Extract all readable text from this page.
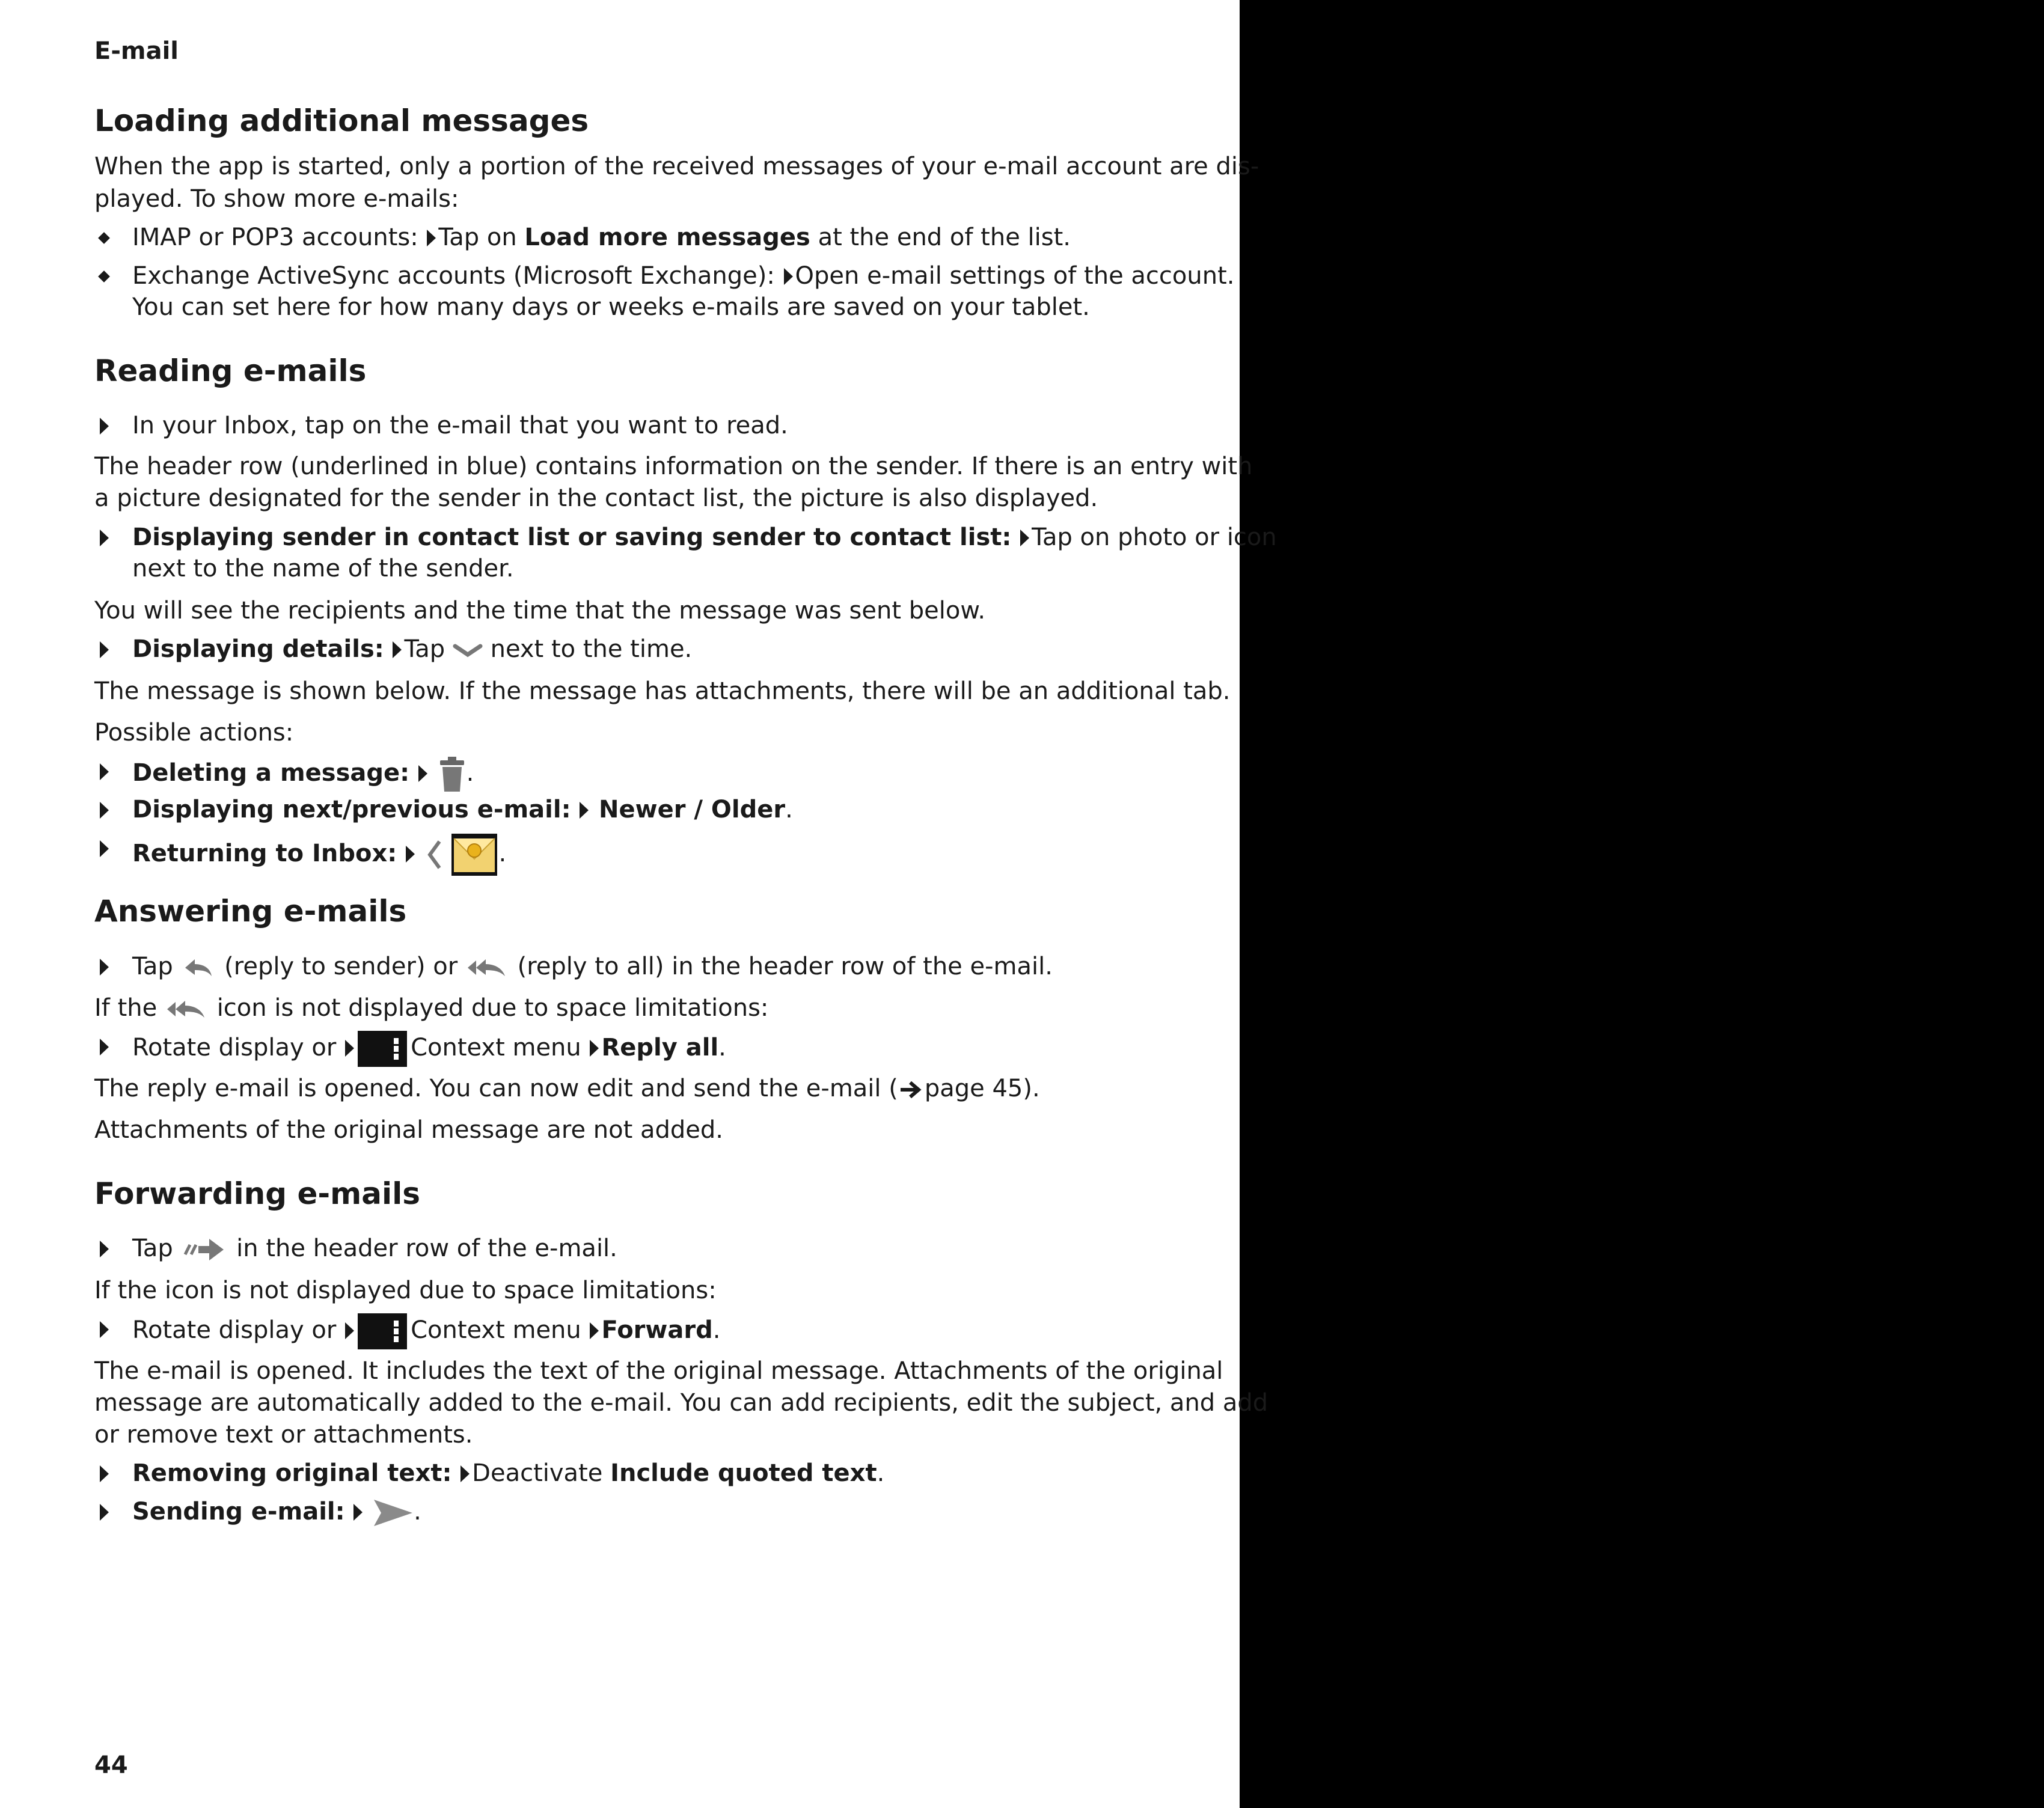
E-mail
Loading additional messages
When the app is started, only a portion of the received messages of your e-mail account are dis-
played. To show more e-mails:
IMAP or POP3 accounts: Tap on Load more messages at the end of the list.
Exchange ActiveSync accounts (Microsoft Exchange): Open e-mail settings of the account.
You can set here for how many days or weeks e-mails are saved on your tablet.
Reading e-mails
In your Inbox, tap on the e-mail that you want to read.
The header row (underlined in blue) contains information on the sender. If there is an entry with
a picture designated for the sender in the contact list, the picture is also displayed.
Displaying sender in contact list or saving sender to contact list: Tap on photo or icon
next to the name of the sender.
You will see the recipients and the time that the message was sent below.
Displaying details: Tap next to the time.
The message is shown below. If the message has attachments, there will be an additional tab.
Possible actions:
Deleting a message: .
Displaying next/previous e-mail: Newer / Older.
Returning to Inbox:	.
Answering e-mails
Tap (reply to sender) or (reply to all) in the header row of the e-mail.
If the icon is not displayed due to space limitations:
Rotate display or	Context menu Reply all.
The reply e-mail is opened. You can now edit and send the e-mail ( page 45).
Attachments of the original message are not added.
Forwarding e-mails
Tap	in the header row of the e-mail.
If the icon is not displayed due to space limitations:
Rotate display or	Context menu Forward.
The e-mail is opened. It includes the text of the original message. Attachments of the original
message are automatically added to the e-mail. You can add recipients, edit the subject, and add
or remove text or attachments.
Removing original text: Deactivate Include quoted text.
Sending e-mail:	.
44
